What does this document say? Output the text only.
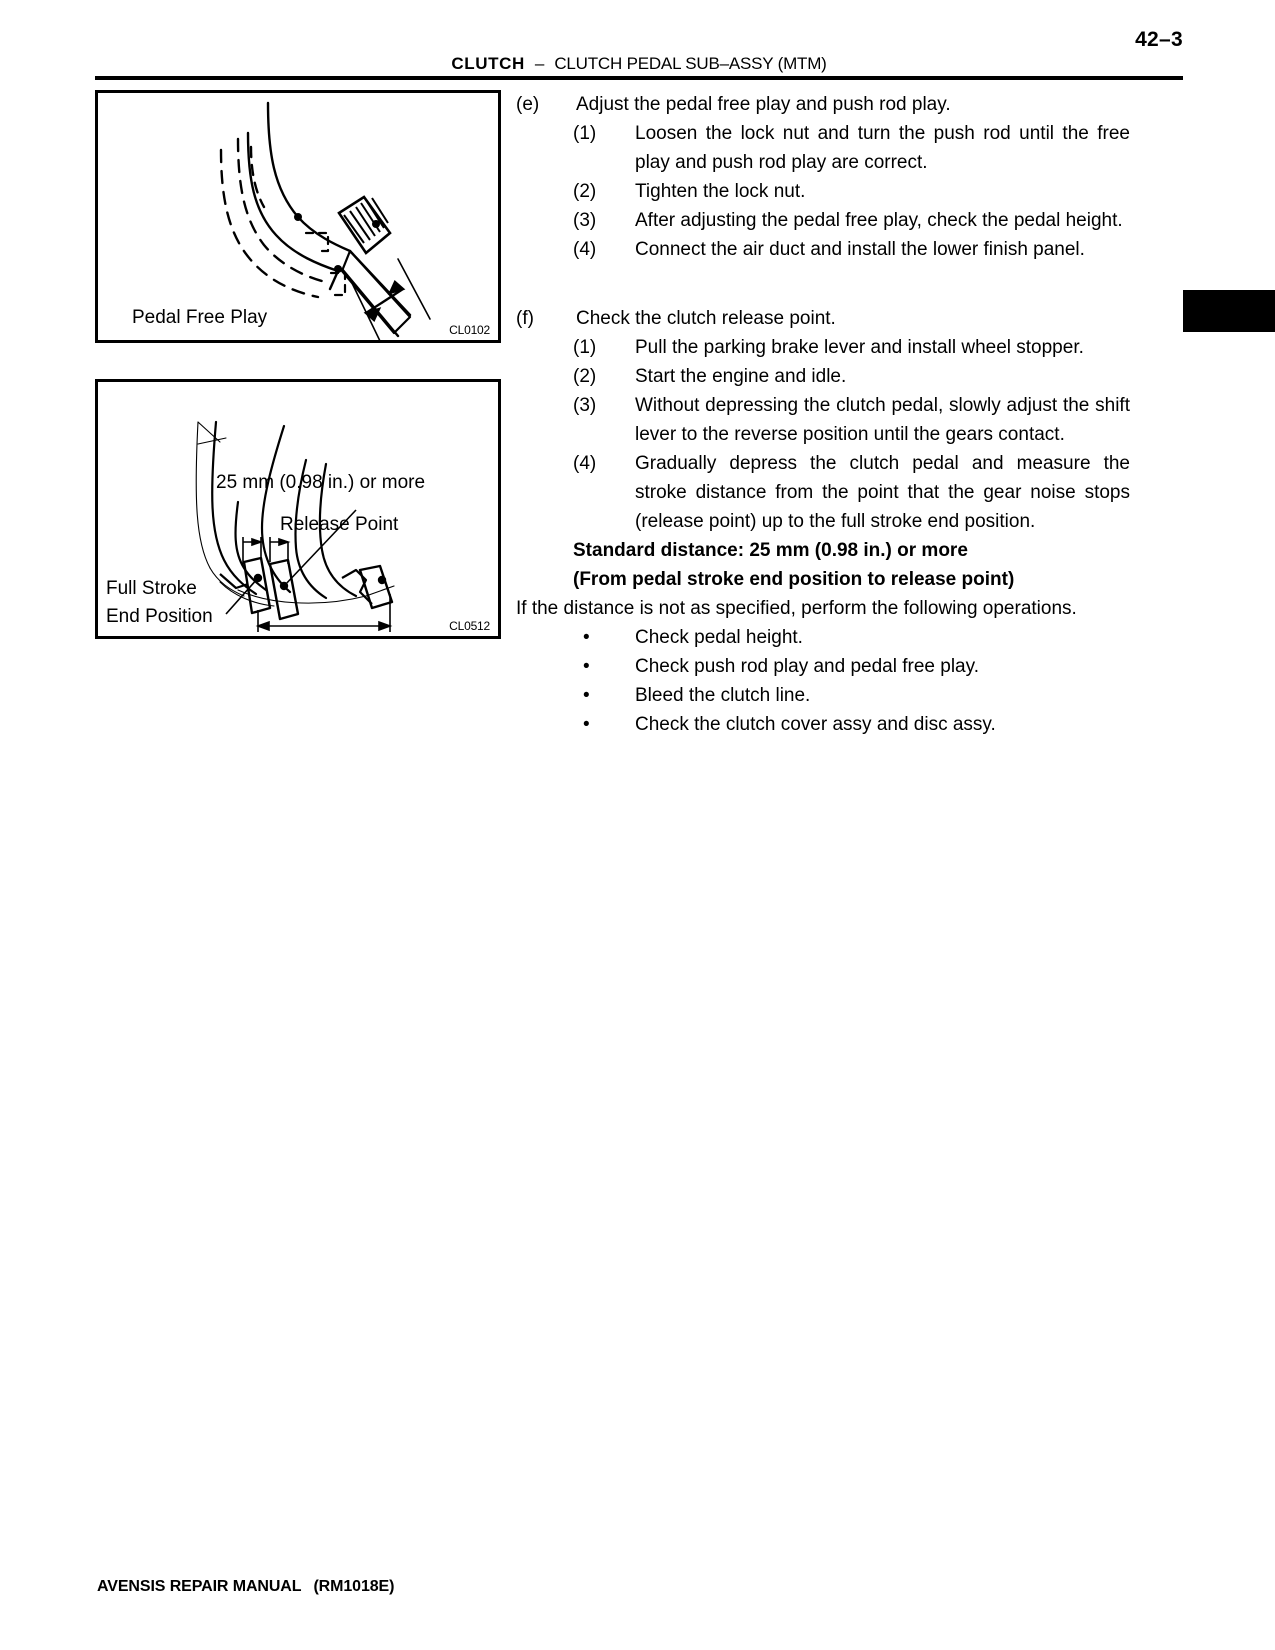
42–3
CLUTCH – CLUTCH PEDAL SUB–ASSY (MTM)
Pedal Free Play
CL0102
25 mm (0.98 in.) or more
Release Point
Full Stroke
End Position	CL0512
(e)	Adjust the pedal free play and push rod play.
(1)	Loosen the lock nut and turn the push rod until the free play and push rod play are correct.
(2)	Tighten the lock nut.
(3)	After adjusting the pedal free play, check the pedal height.
(4)	Connect the air duct and install the lower finish panel.
(f)	Check the clutch release point.
(1)	Pull the parking brake lever and install wheel stopper.
(2)	Start the engine and idle.
(3)	Without depressing the clutch pedal, slowly adjust the shift lever to the reverse position until the gears contact.
(4)	Gradually depress the clutch pedal and measure the stroke distance from the point that the gear noise stops (release point) up to the full stroke end position.
Standard distance: 25 mm (0.98 in.) or more
(From pedal stroke end position to release point)
If the distance is not as specified, perform the following operations.
•	Check pedal height.
•	Check push rod play and pedal free play.
•	Bleed the clutch line.
•	Check the clutch cover assy and disc assy.
AVENSIS REPAIR MANUAL (RM1018E)
